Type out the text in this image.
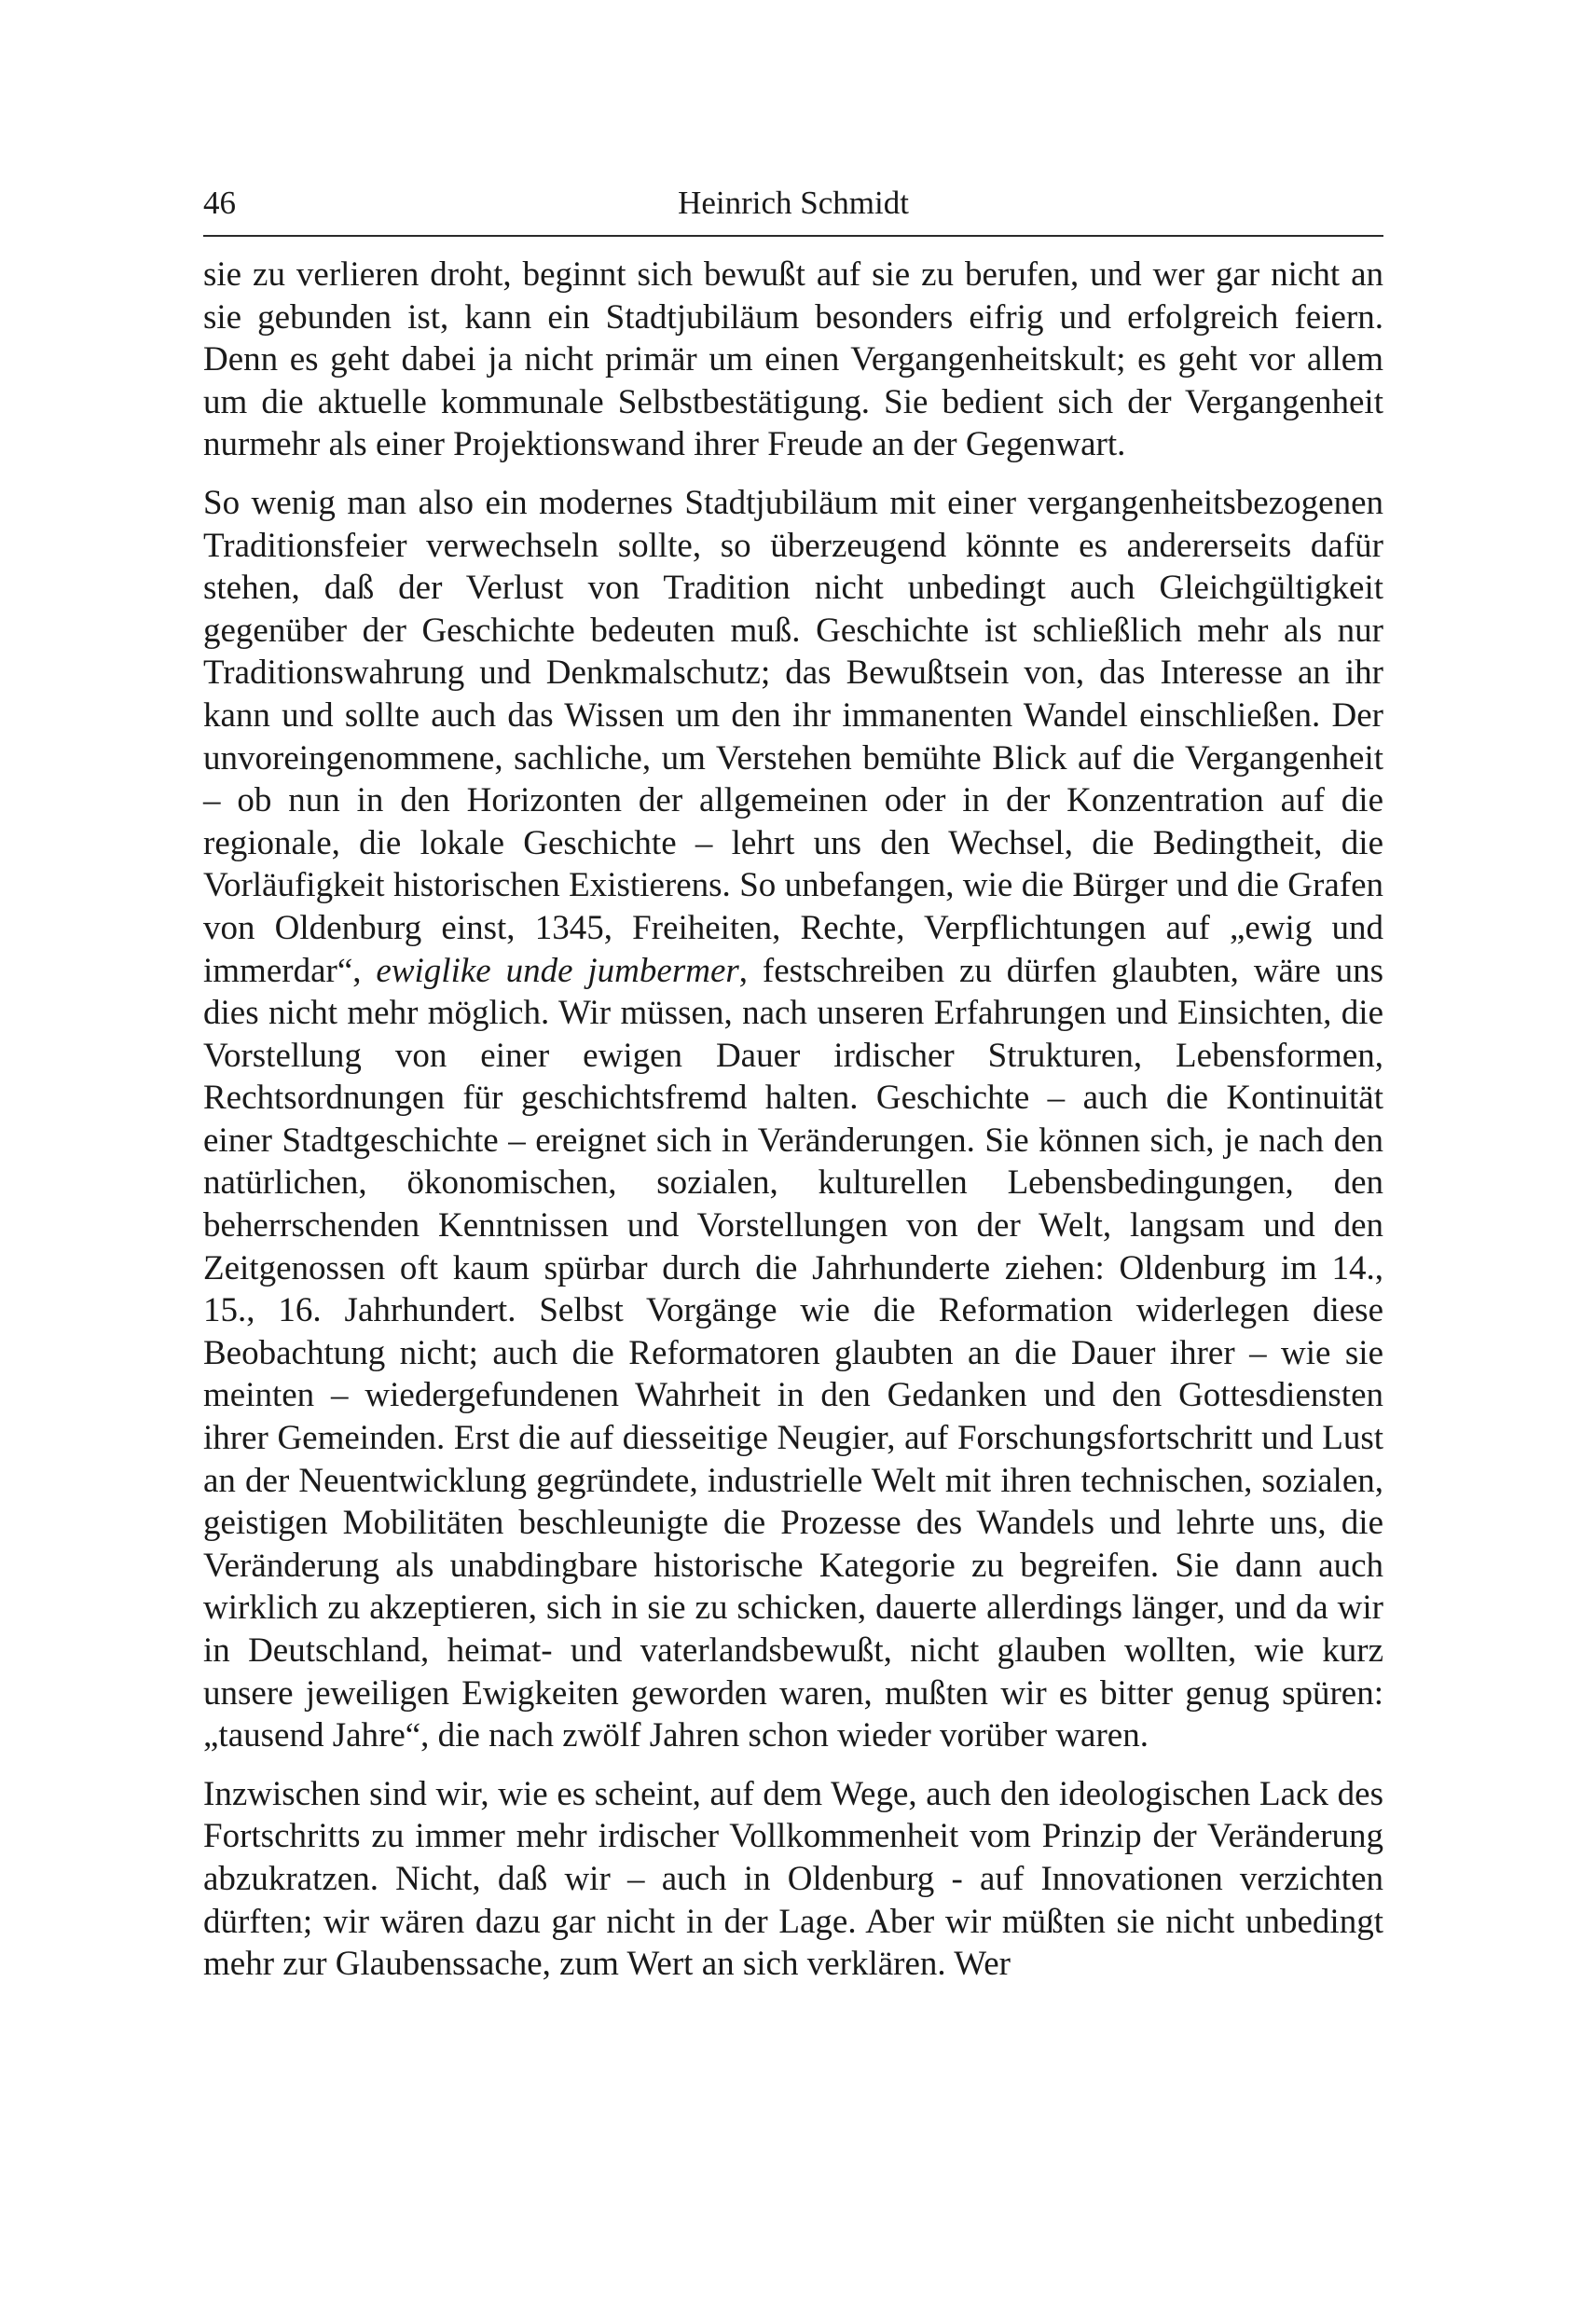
46	Heinrich Schmidt

sie zu verlieren droht, beginnt sich bewußt auf sie zu berufen, und wer gar nicht an sie gebunden ist, kann ein Stadtjubiläum besonders eifrig und erfolgreich feiern. Denn es geht dabei ja nicht primär um einen Vergangenheitskult; es geht vor allem um die aktuelle kommunale Selbstbestätigung. Sie bedient sich der Vergangenheit nurmehr als einer Projektionswand ihrer Freude an der Gegenwart.

So wenig man also ein modernes Stadtjubiläum mit einer vergangenheitsbezogenen Traditionsfeier verwechseln sollte, so überzeugend könnte es andererseits dafür stehen, daß der Verlust von Tradition nicht unbedingt auch Gleichgültigkeit gegenüber der Geschichte bedeuten muß. Geschichte ist schließlich mehr als nur Traditionswahrung und Denkmalschutz; das Bewußtsein von, das Interesse an ihr kann und sollte auch das Wissen um den ihr immanenten Wandel einschließen. Der unvoreingenommene, sachliche, um Verstehen bemühte Blick auf die Vergangenheit – ob nun in den Horizonten der allgemeinen oder in der Konzentration auf die regionale, die lokale Geschichte – lehrt uns den Wechsel, die Bedingtheit, die Vorläufigkeit historischen Existierens. So unbefangen, wie die Bürger und die Grafen von Oldenburg einst, 1345, Freiheiten, Rechte, Verpflichtungen auf „ewig und immerdar“, ewiglike unde jumbermer, festschreiben zu dürfen glaubten, wäre uns dies nicht mehr möglich. Wir müssen, nach unseren Erfahrungen und Einsichten, die Vorstellung von einer ewigen Dauer irdischer Strukturen, Lebensformen, Rechtsordnungen für geschichtsfremd halten. Geschichte – auch die Kontinuität einer Stadtgeschichte – ereignet sich in Veränderungen. Sie können sich, je nach den natürlichen, ökonomischen, sozialen, kulturellen Lebensbedingungen, den beherrschenden Kenntnissen und Vorstellungen von der Welt, langsam und den Zeitgenossen oft kaum spürbar durch die Jahrhunderte ziehen: Oldenburg im 14., 15., 16. Jahrhundert. Selbst Vorgänge wie die Reformation widerlegen diese Beobachtung nicht; auch die Reformatoren glaubten an die Dauer ihrer – wie sie meinten – wiedergefundenen Wahrheit in den Gedanken und den Gottesdiensten ihrer Gemeinden. Erst die auf diesseitige Neugier, auf Forschungsfortschritt und Lust an der Neuentwicklung gegründete, industrielle Welt mit ihren technischen, sozialen, geistigen Mobilitäten beschleunigte die Prozesse des Wandels und lehrte uns, die Veränderung als unabdingbare historische Kategorie zu begreifen. Sie dann auch wirklich zu akzeptieren, sich in sie zu schicken, dauerte allerdings länger, und da wir in Deutschland, heimat- und vaterlandsbewußt, nicht glauben wollten, wie kurz unsere jeweiligen Ewigkeiten geworden waren, mußten wir es bitter genug spüren: „tausend Jahre“, die nach zwölf Jahren schon wieder vorüber waren.

Inzwischen sind wir, wie es scheint, auf dem Wege, auch den ideologischen Lack des Fortschritts zu immer mehr irdischer Vollkommenheit vom Prinzip der Veränderung abzukratzen. Nicht, daß wir – auch in Oldenburg - auf Innovationen verzichten dürften; wir wären dazu gar nicht in der Lage. Aber wir müßten sie nicht unbedingt mehr zur Glaubenssache, zum Wert an sich verklären. Wer
